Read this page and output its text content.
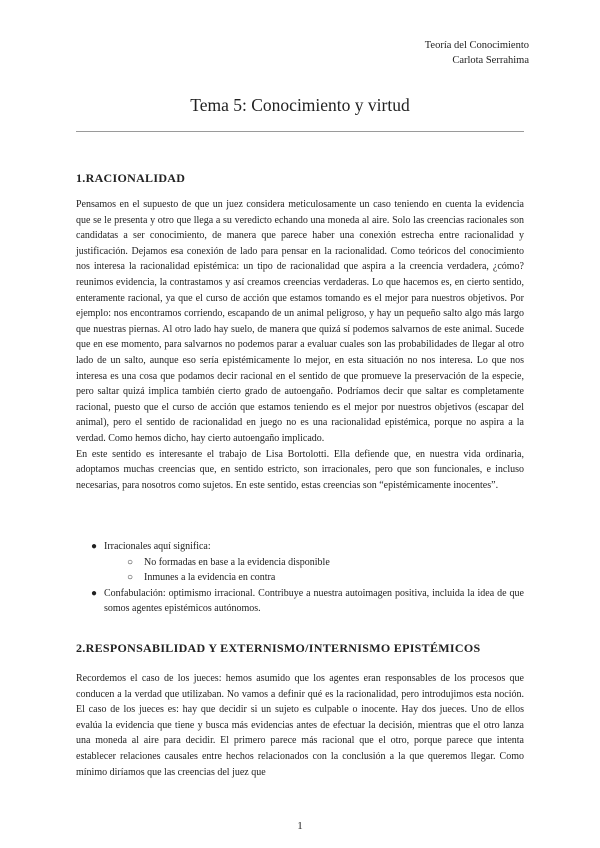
Teoría del Conocimiento
Carlota Serrahima
Tema 5: Conocimiento y virtud
1.RACIONALIDAD

Pensamos en el supuesto de que un juez considera meticulosamente un caso teniendo en cuenta la evidencia que se le presenta y otro que llega a su veredicto echando una moneda al aire. Solo las creencias racionales son candidatas a ser conocimiento, de manera que parece haber una conexión estrecha entre racionalidad y justificación. Dejamos esa conexión de lado para pensar en la racionalidad. Como teóricos del conocimiento nos interesa la racionalidad epistémica: un tipo de racionalidad que aspira a la creencia verdadera, ¿cómo? reunimos evidencia, la contrastamos y así creamos creencias verdaderas. Lo que hacemos es, en cierto sentido, enteramente racional, ya que el curso de acción que estamos tomando es el mejor para nuestros objetivos. Por ejemplo: nos encontramos corriendo, escapando de un animal peligroso, y hay un pequeño salto algo más largo que nuestras piernas. Al otro lado hay suelo, de manera que quizá sí podemos salvarnos de este animal. Sucede que en ese momento, para salvarnos no podemos parar a evaluar cuales son las probabilidades de llegar al otro lado de un salto, aunque eso sería epistémicamente lo mejor, en esta situación no nos interesa. Lo que nos interesa es una cosa que podamos decir racional en el sentido de que promueve la preservación de la especie, pero saltar quizá implica también cierto grado de autoengaño. Podríamos decir que saltar es completamente racional, puesto que el curso de acción que estamos teniendo es el mejor por nuestros objetivos (escapar del animal), pero el sentido de racionalidad en juego no es una racionalidad epistémica, porque no aspira a la verdad. Como hemos dicho, hay cierto autoengaño implicado.

En este sentido es interesante el trabajo de Lisa Bortolotti. Ella defiende que, en nuestra vida ordinaria, adoptamos muchas creencias que, en sentido estricto, son irracionales, pero que son funcionales, e incluso necesarias, para nosotros como sujetos. En este sentido, estas creencias son “epistémicamente inocentes”.

● Irracionales aquí significa:
○ No formadas en base a la evidencia disponible
○ Inmunes a la evidencia en contra
● Confabulación: optimismo irracional. Contribuye a nuestra autoimagen positiva, incluida la idea de que somos agentes epistémicos autónomos.
2.RESPONSABILIDAD Y EXTERNISMO/INTERNISMO EPISTÉMICOS

Recordemos el caso de los jueces: hemos asumido que los agentes eran responsables de los procesos que conducen a la verdad que utilizaban. No vamos a definir qué es la racionalidad, pero introdujimos esta noción. El caso de los jueces es: hay que decidir si un sujeto es culpable o inocente. Hay dos jueces. Uno de ellos evalúa la evidencia que tiene y busca más evidencias antes de efectuar la decisión, mientras que el otro lanza una moneda al aire para decidir. El primero parece más racional que el otro, porque parece que intenta establecer relaciones causales entre hechos relacionados con la conclusión a la que queremos llegar. Como mínimo diríamos que las creencias del juez que

1
